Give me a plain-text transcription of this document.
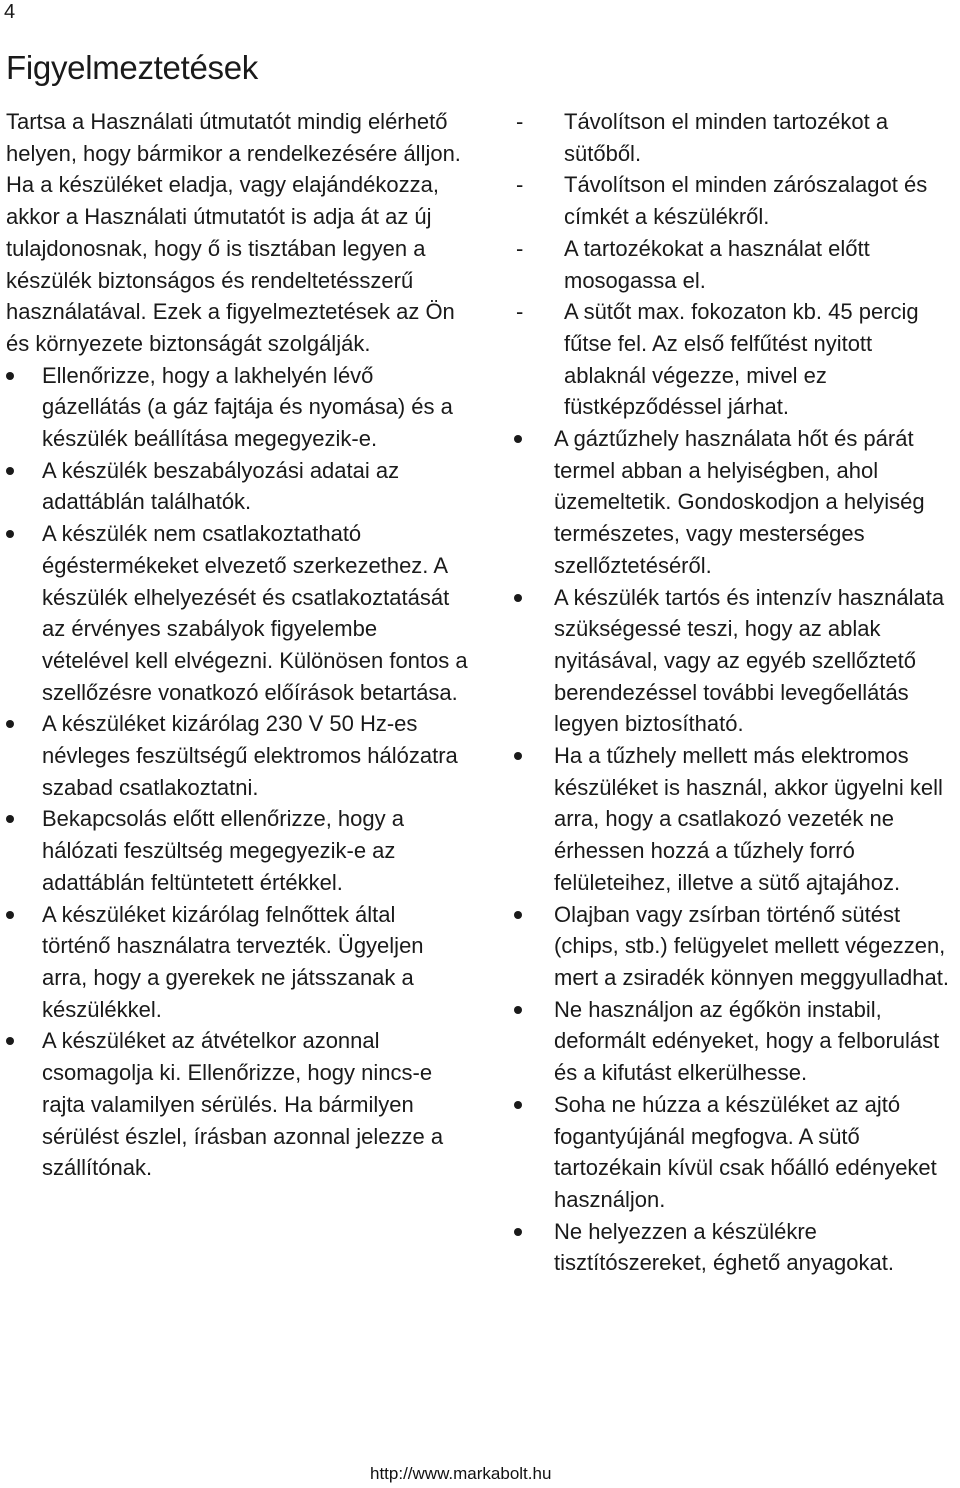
4
Figyelmeztetések

Tartsa a Használati útmutatót mindig elérhető helyen, hogy bármikor a rendelkezésére álljon. Ha a készüléket eladja, vagy elajándékozza, akkor a Használati útmutatót is adja át az új tulajdonosnak, hogy ő is tisztában legyen a készülék biztonságos és rendeltetésszerű használatával. Ezek a figyelmeztetések az Ön és környezete biztonságát szolgálják.

Ellenőrizze, hogy a lakhelyén lévő gázellátás (a gáz fajtája és nyomása) és a készülék beállítása megegyezik-e.
A készülék beszabályozási adatai az adattáblán találhatók.
A készülék nem csatlakoztatható égéstermékeket elvezető szerkezethez. A készülék elhelyezését és csatlakoztatását az érvényes szabályok figyelembe vételével kell elvégezni. Különösen fontos a szellőzésre vonatkozó előírások betartása.
A készüléket kizárólag 230 V 50 Hz-es névleges feszültségű elektromos hálózatra szabad csatlakoztatni.
Bekapcsolás előtt ellenőrizze, hogy a hálózati feszültség megegyezik-e az adattáblán feltüntetett értékkel.
A készüléket kizárólag felnőttek által történő használatra tervezték. Ügyeljen arra, hogy a gyerekek ne játsszanak a készülékkel.
A készüléket az átvételkor azonnal csomagolja ki. Ellenőrizze, hogy nincs-e rajta valamilyen sérülés. Ha bármilyen sérülést észlel, írásban azonnal jelezze a szállítónak.
- Távolítson el minden tartozékot a sütőből.
- Távolítson el minden zárószalagot és címkét a készülékről.
- A tartozékokat a használat előtt mosogassa el.
- A sütőt max. fokozaton kb. 45 percig fűtse fel. Az első felfűtést nyitott ablaknál végezze, mivel ez füstképződéssel járhat.
A gáztűzhely használata hőt és párát termel abban a helyiségben, ahol üzemeltetik. Gondoskodjon a helyiség természetes, vagy mesterséges szellőztetéséről.
A készülék tartós és intenzív használata szükségessé teszi, hogy az ablak nyitásával, vagy az egyéb szellőztető berendezéssel további levegőellátás legyen biztosítható.
Ha a tűzhely mellett más elektromos készüléket is használ, akkor ügyelni kell arra, hogy a csatlakozó vezeték ne érhessen hozzá a tűzhely forró felületeihez, illetve a sütő ajtajához.
Olajban vagy zsírban történő sütést (chips, stb.) felügyelet mellett végezzen, mert a zsiradék könnyen meggyulladhat.
Ne használjon az égőkön instabil, deformált edényeket, hogy a felborulást és a kifutást elkerülhesse.
Soha ne húzza a készüléket az ajtó fogantyújánál megfogva. A sütő tartozékain kívül csak hőálló edényeket használjon.
Ne helyezzen a készülékre tisztítószereket, éghető anyagokat.
http://www.markabolt.hu
